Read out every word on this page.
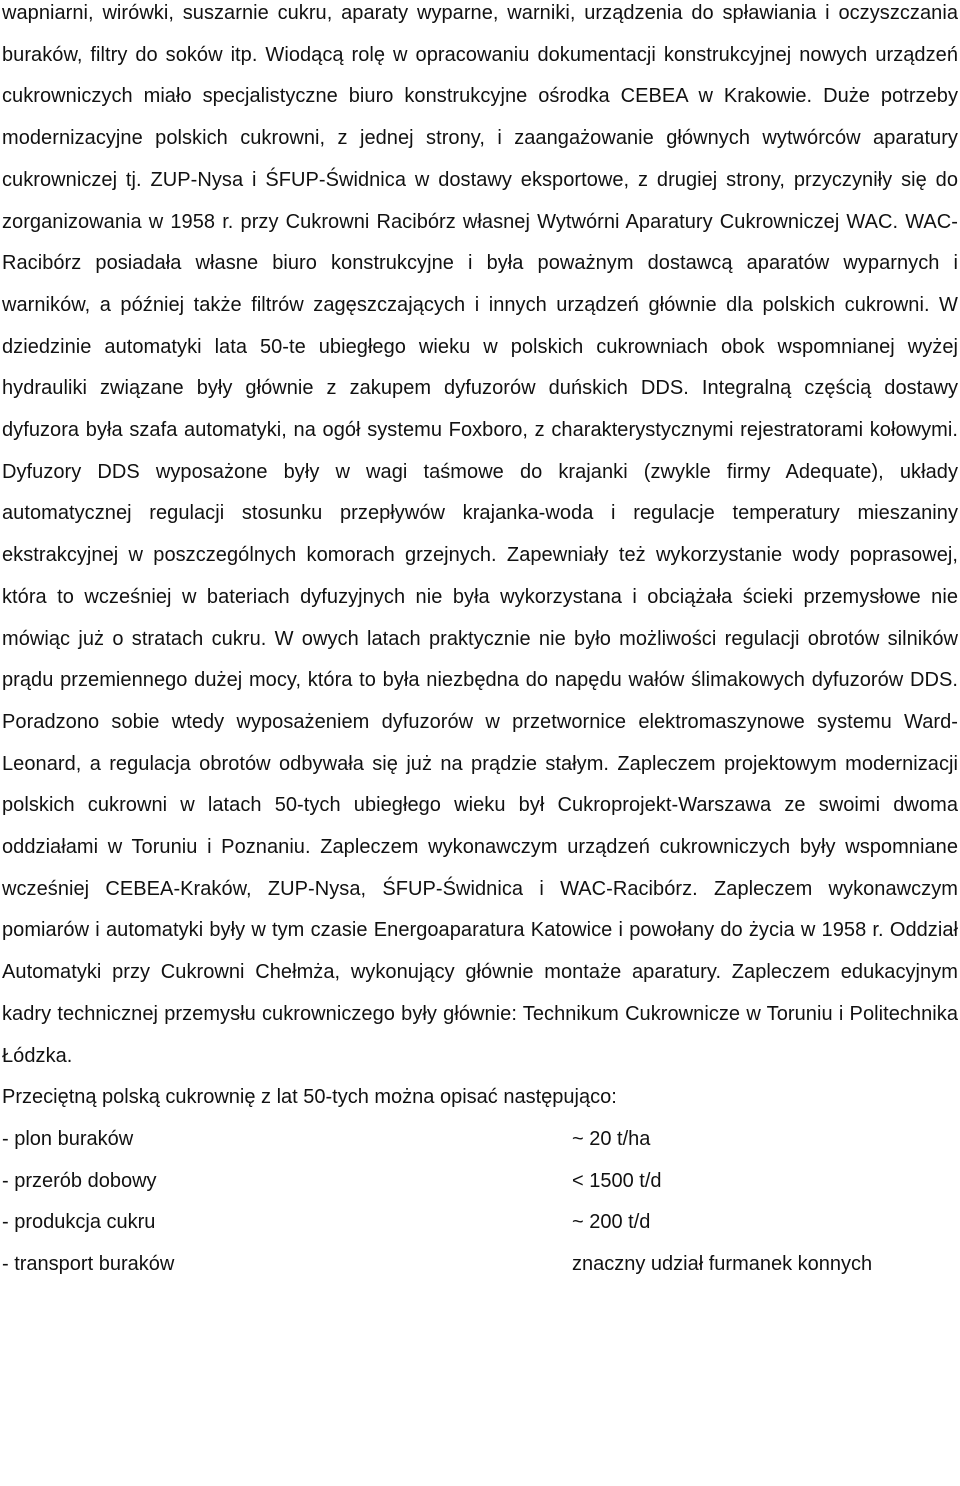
wapniarni, wirówki, suszarnie cukru, aparaty wyparne, warniki, urządzenia do spławiania i oczyszczania buraków, filtry do soków itp. Wiodącą rolę w opracowaniu dokumentacji konstrukcyjnej nowych urządzeń cukrowniczych miało specjalistyczne biuro konstrukcyjne ośrodka CEBEA w Krakowie. Duże potrzeby modernizacyjne polskich cukrowni, z jednej strony, i zaangażowanie głównych wytwórców aparatury cukrowniczej tj. ZUP-Nysa i ŚFUP-Świdnica w dostawy eksportowe, z drugiej strony, przyczyniły się do zorganizowania w 1958 r. przy Cukrowni Racibórz własnej Wytwórni Aparatury Cukrowniczej WAC. WAC-Racibórz posiadała własne biuro konstrukcyjne i była poważnym dostawcą aparatów wyparnych i warników, a później także filtrów zagęszczających i innych urządzeń głównie dla polskich cukrowni. W dziedzinie automatyki lata 50-te ubiegłego wieku w polskich cukrowniach obok wspomnianej wyżej hydrauliki związane były głównie z zakupem dyfuzorów duńskich DDS. Integralną częścią dostawy dyfuzora była szafa automatyki, na ogół systemu Foxboro, z charakterystycznymi rejestratorami kołowymi. Dyfuzory DDS wyposażone były w wagi taśmowe do krajanki (zwykle firmy Adequate), układy automatycznej regulacji stosunku przepływów krajanka-woda i regulacje temperatury mieszaniny ekstrakcyjnej w poszczególnych komorach grzejnych. Zapewniały też wykorzystanie wody poprasowej, która to wcześniej w bateriach dyfuzyjnych nie była wykorzystana i obciążała ścieki przemysłowe nie mówiąc już o stratach cukru. W owych latach praktycznie nie było możliwości regulacji obrotów silników prądu przemiennego dużej mocy, która to była niezbędna do napędu wałów ślimakowych dyfuzorów DDS. Poradzono sobie wtedy wyposażeniem dyfuzorów w przetwornice elektromaszynowe systemu Ward-Leonard, a regulacja obrotów odbywała się już na prądzie stałym. Zapleczem projektowym modernizacji polskich cukrowni w latach 50-tych ubiegłego wieku był Cukroprojekt-Warszawa ze swoimi dwoma oddziałami w Toruniu i Poznaniu. Zapleczem wykonawczym urządzeń cukrowniczych były wspomniane wcześniej CEBEA-Kraków, ZUP-Nysa, ŚFUP-Świdnica i WAC-Racibórz. Zapleczem wykonawczym pomiarów i automatyki były w tym czasie Energoaparatura Katowice i powołany do życia w 1958 r. Oddział Automatyki przy Cukrowni Chełmża, wykonujący głównie montaże aparatury. Zapleczem edukacyjnym kadry technicznej przemysłu cukrowniczego były głównie: Technikum Cukrownicze w Toruniu i Politechnika Łódzka.

Przeciętną polską cukrownię z lat 50-tych można opisać następująco:

- plon buraków	~ 20 t/ha
- przerób dobowy	< 1500 t/d
- produkcja cukru	~ 200 t/d
- transport buraków	znaczny udział furmanek konnych
